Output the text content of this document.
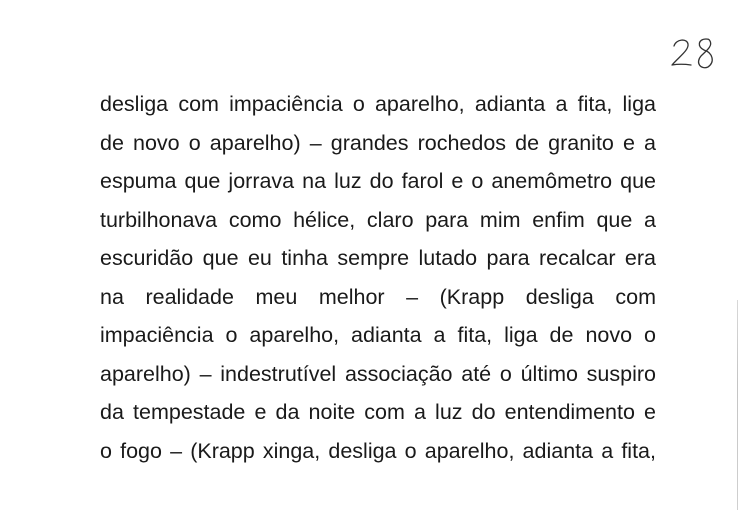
desliga com impaciência o aparelho, adianta a fita, liga
de novo o aparelho) – grandes rochedos de granito e a
espuma que jorrava na luz do farol e o anemômetro que
turbilhonava como hélice, claro para mim enfim que a
escuridão que eu tinha sempre lutado para recalcar era
na realidade meu melhor – (Krapp desliga com
impaciência o aparelho, adianta a fita, liga de novo o
aparelho) – indestrutível associação até o último suspiro
da tempestade e da noite com a luz do entendimento e
o fogo – (Krapp xinga, desliga o aparelho, adianta a fita,
